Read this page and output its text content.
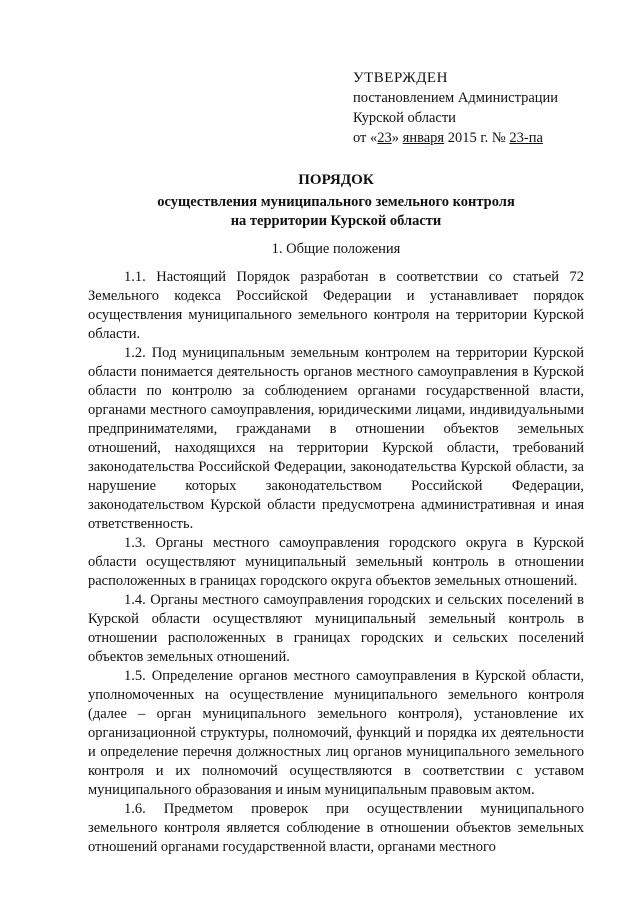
УТВЕРЖДЕН
постановлением Администрации
Курской области
от «23» января 2015 г. № 23-па
ПОРЯДОК
осуществления муниципального земельного контроля
на территории Курской области
1. Общие положения

1.1. Настоящий Порядок разработан в соответствии со статьей 72 Земельного кодекса Российской Федерации и устанавливает порядок осуществления муниципального земельного контроля на территории Курской области.

1.2. Под муниципальным земельным контролем на территории Курской области понимается деятельность органов местного самоуправления в Курской области по контролю за соблюдением органами государственной власти, органами местного самоуправления, юридическими лицами, индивидуальными предпринимателями, гражданами в отношении объектов земельных отношений, находящихся на территории Курской области, требований законодательства Российской Федерации, законодательства Курской области, за нарушение которых законодательством Российской Федерации, законодательством Курской области предусмотрена административная и иная ответственность.

1.3. Органы местного самоуправления городского округа в Курской области осуществляют муниципальный земельный контроль в отношении расположенных в границах городского округа объектов земельных отношений.

1.4. Органы местного самоуправления городских и сельских поселений в Курской области осуществляют муниципальный земельный контроль в отношении расположенных в границах городских и сельских поселений объектов земельных отношений.

1.5. Определение органов местного самоуправления в Курской области, уполномоченных на осуществление муниципального земельного контроля (далее – орган муниципального земельного контроля), установление их организационной структуры, полномочий, функций и порядка их деятельности и определение перечня должностных лиц органов муниципального земельного контроля и их полномочий осуществляются в соответствии с уставом муниципального образования и иным муниципальным правовым актом.

1.6. Предметом проверок при осуществлении муниципального земельного контроля является соблюдение в отношении объектов земельных отношений органами государственной власти, органами местного
